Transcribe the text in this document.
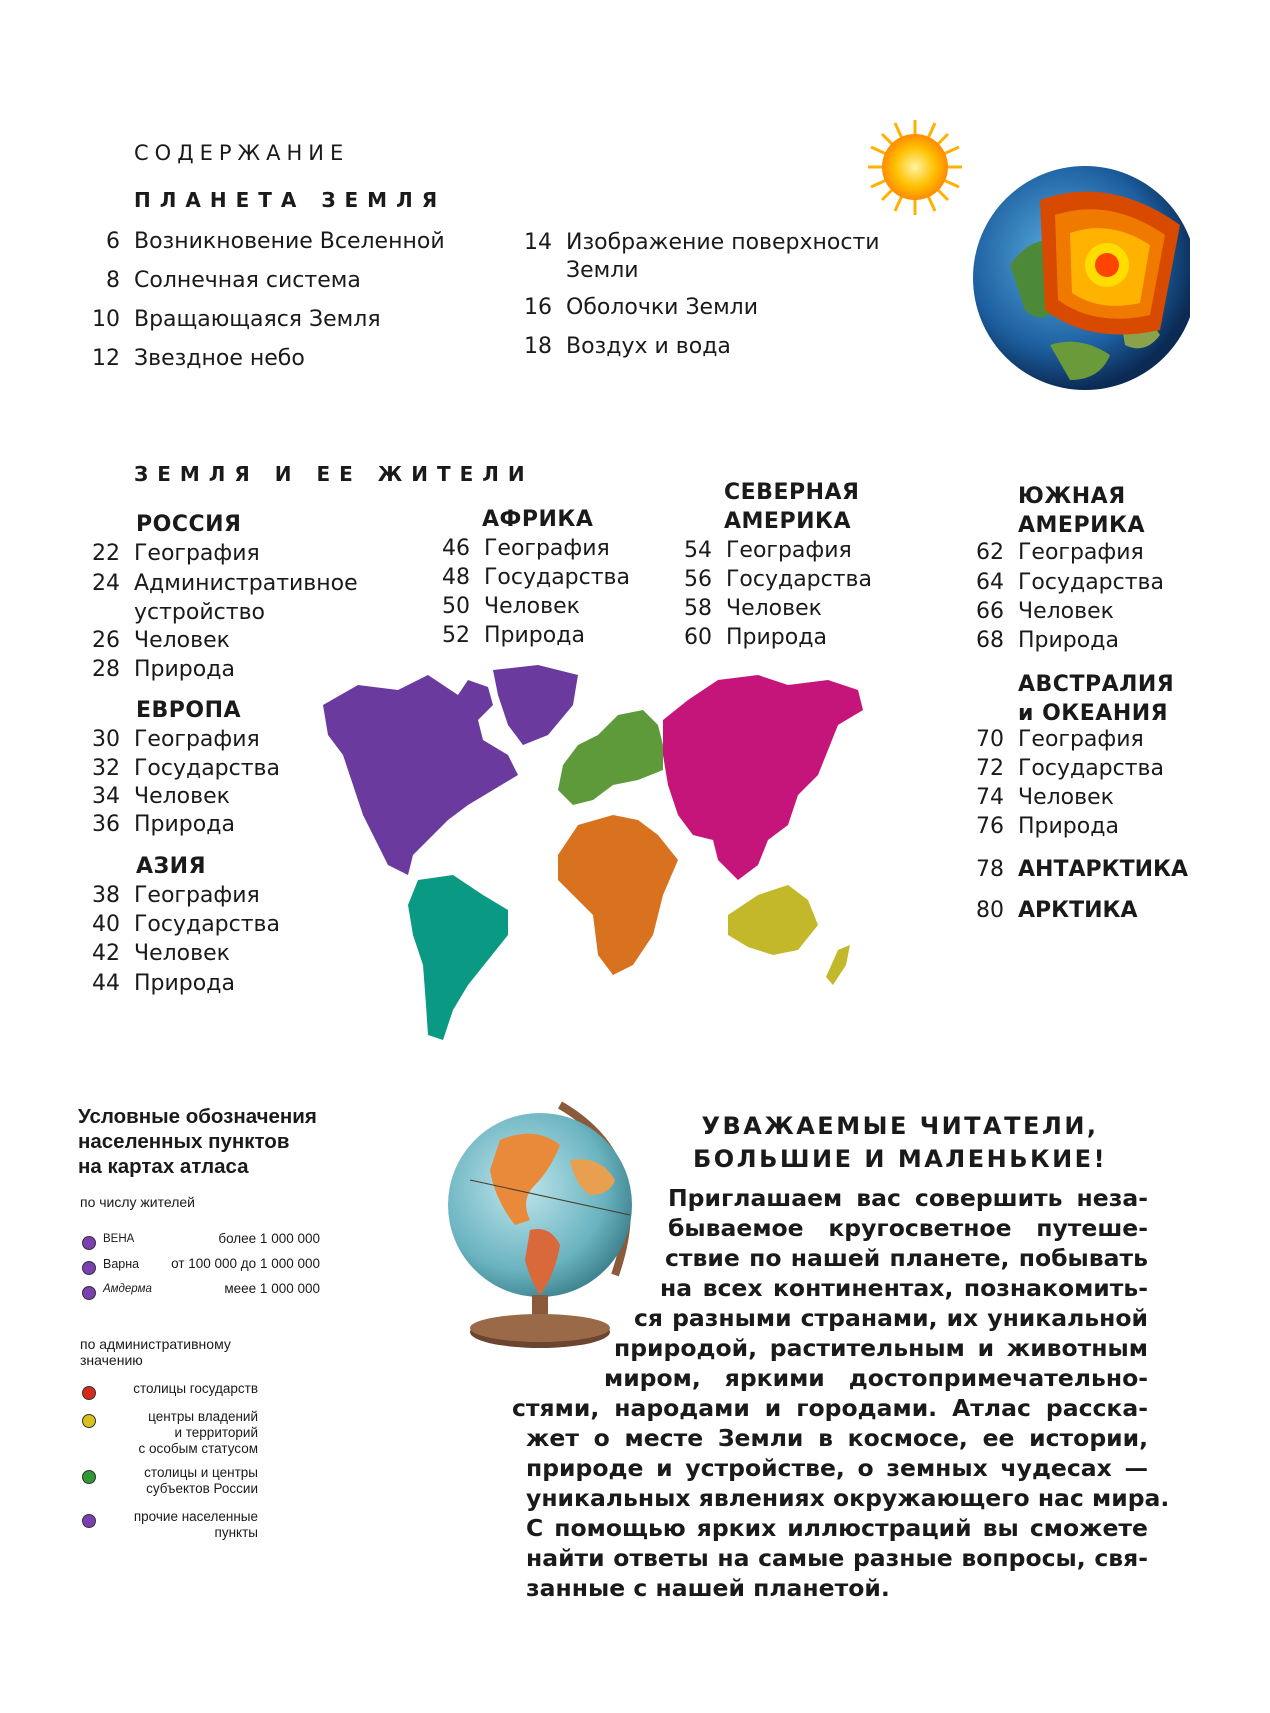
СОДЕРЖАНИЕ
ПЛАНЕТА ЗЕМЛЯ
6 Возникновение Вселенной
8 Солнечная система
10 Вращающаяся Земля
12 Звездное небо
14 Изображение поверхности
Земли
16 Оболочки Земли
18 Воздух и вода
ЗЕМЛЯ И ЕЕ ЖИТЕЛИ
РОССИЯ
22 География
24 Административное
устройство
26 Человек
28 Природа
ЕВРОПА
30 География
32 Государства
34 Человек
36 Природа
АЗИЯ
38 География
40 Государства
42 Человек
44 Природа
АФРИКА
46 География
48 Государства
50 Человек
52 Природа
СЕВЕРНАЯ
АМЕРИКА
54 География
56 Государства
58 Человек
60 Природа
ЮЖНАЯ
АМЕРИКА
62 География
64 Государства
66 Человек
68 Природа
АВСТРАЛИЯ
и ОКЕАНИЯ
70 География
72 Государства
74 Человек
76 Природа
78 АНТАРКТИКА
80 АРКТИКА
Условные обозначения
населенных пунктов
на картах атласа
по числу жителей
ВЕНА	более 1 000 000
Варна	от 100 000 до 1 000 000
Амдерма	меее 1 000 000
по административному
значению
столицы государств
центры владений
и территорий
с особым статусом
столицы и центры
субъектов России
прочие населенные
пункты
УВАЖАЕМЫЕ ЧИТАТЕЛИ,
БОЛЬШИЕ И МАЛЕНЬКИЕ!
Приглашаем вас совершить неза-
бываемое кругосветное путеше-
ствие по нашей планете, побывать
на всех континентах, познакомить-
ся разными странами, их уникальной
природой, растительным и животным
миром, яркими достопримечательно-
стями, народами и городами. Атлас расска-
жет о месте Земли в космосе, ее истории,
природе и устройстве, о земных чудесах —
уникальных явлениях окружающего нас мира.
С помощью ярких иллюстраций вы сможете
найти ответы на самые разные вопросы, свя-
занные с нашей планетой.
